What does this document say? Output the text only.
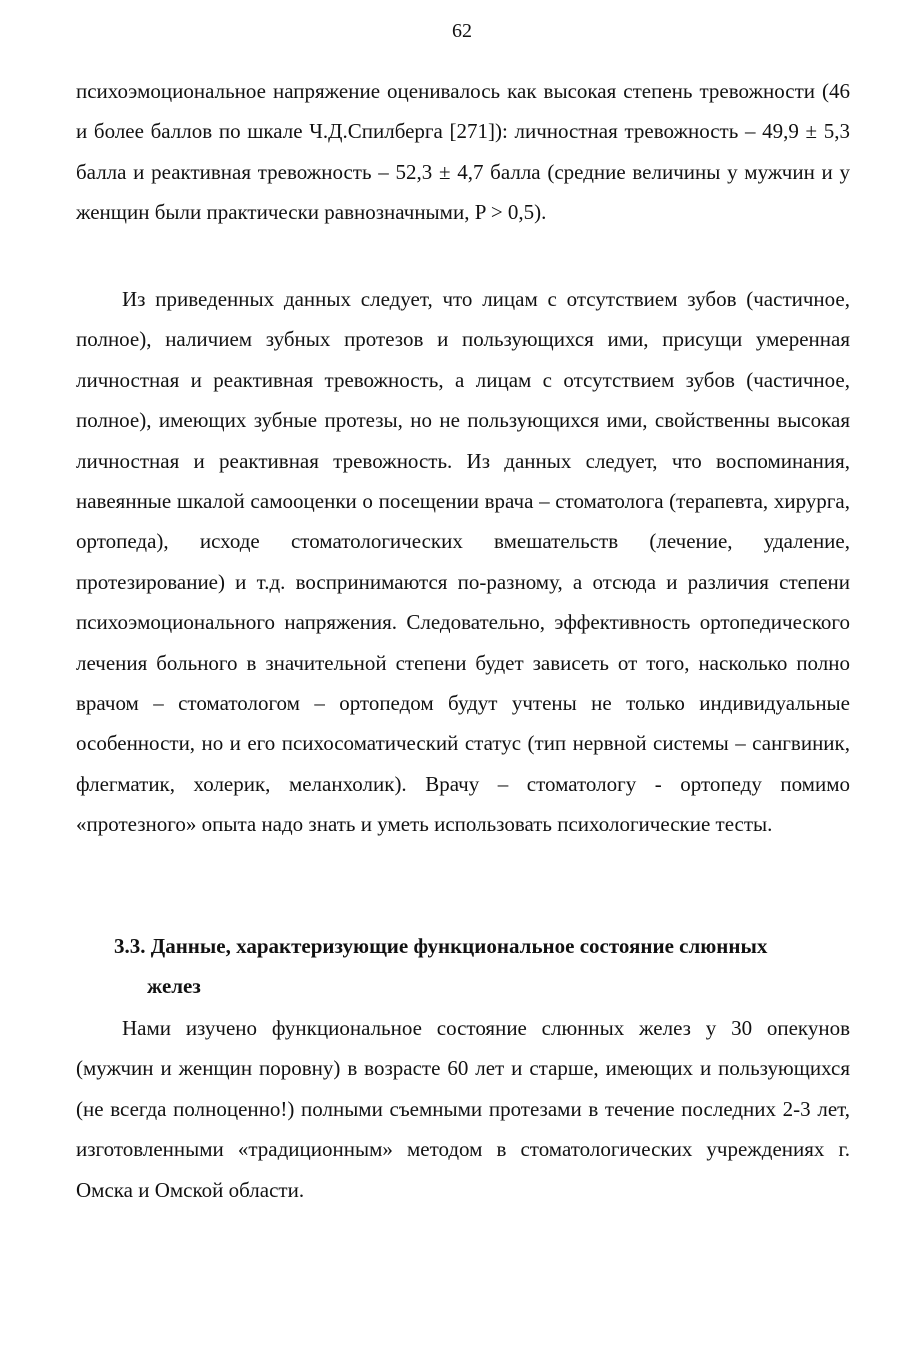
62

психоэмоциональное напряжение оценивалось как высокая степень тревожности (46 и более баллов по шкале Ч.Д.Спилберга [271]): личностная тревожность – 49,9 ± 5,3 балла и реактивная тревожность – 52,3 ± 4,7 балла (средние величины у мужчин и у женщин были практически равнозначными, P > 0,5).

Из приведенных данных следует, что лицам с отсутствием зубов (частичное, полное), наличием зубных протезов и пользующихся ими, присущи умеренная личностная и реактивная тревожность, а лицам с отсутствием зубов (частичное, полное), имеющих зубные протезы, но не пользующихся ими, свойственны высокая личностная и реактивная тревожность. Из данных следует, что воспоминания, навеянные шкалой самооценки о посещении врача – стоматолога (терапевта, хирурга, ортопеда), исходе стоматологических вмешательств (лечение, удаление, протезирование) и т.д. воспринимаются по-разному, а отсюда и различия степени психоэмоционального напряжения. Следовательно, эффективность ортопедического лечения больного в значительной степени будет зависеть от того, насколько полно врачом – стоматологом – ортопедом будут учтены не только индивидуальные особенности, но и его психосоматический статус (тип нервной системы – сангвиник, флегматик, холерик, меланхолик). Врачу – стоматологу - ортопеду помимо «протезного» опыта надо знать и уметь использовать психологические тесты.

3.3. Данные, характеризующие функциональное состояние слюнных
желез

Нами изучено функциональное состояние слюнных желез у 30 опекунов (мужчин и женщин поровну) в возрасте 60 лет и старше, имеющих и пользующихся (не всегда полноценно!) полными съемными протезами в течение последних 2-3 лет, изготовленными «традиционным» методом в стоматологических учреждениях г. Омска и Омской области.
